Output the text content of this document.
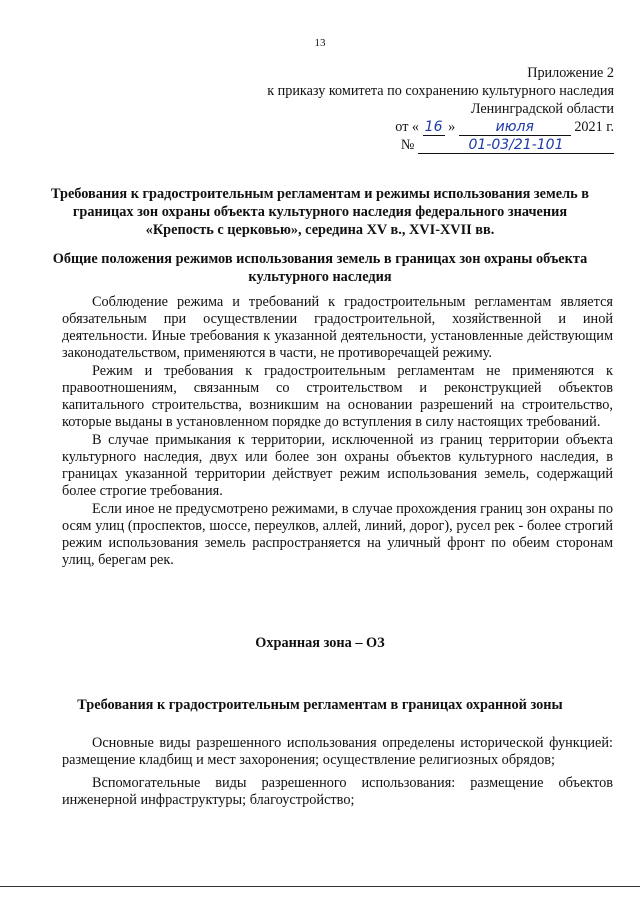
13
Приложение 2
к приказу комитета по сохранению культурного наследия
Ленинградской области
от « 16 »	июля	2021 г.
№	01-03/21-101
Требования к градостроительным регламентам и режимы использования земель в границах зон охраны объекта культурного наследия федерального значения «Крепость с церковью», середина XV в., XVI-XVII вв.
Общие положения режимов использования земель в границах зон охраны объекта культурного наследия

Соблюдение режима и требований к градостроительным регламентам является обязательным при осуществлении градостроительной, хозяйственной и иной деятельности. Иные требования к указанной деятельности, установленные действующим законодательством, применяются в части, не противоречащей режиму.

Режим и требования к градостроительным регламентам не применяются к правоотношениям, связанным со строительством и реконструкцией объектов капитального строительства, возникшим на основании разрешений на строительство, которые выданы в установленном порядке до вступления в силу настоящих требований.

В случае примыкания к территории, исключенной из границ территории объекта культурного наследия, двух или более зон охраны объектов культурного наследия, в границах указанной территории действует режим использования земель, содержащий более строгие требования.

Если иное не предусмотрено режимами, в случае прохождения границ зон охраны по осям улиц (проспектов, шоссе, переулков, аллей, линий, дорог), русел рек - более строгий режим использования земель распространяется на уличный фронт по обеим сторонам улиц, берегам рек.

Охранная зона – ОЗ
Требования к градостроительным регламентам в границах охранной зоны

Основные виды разрешенного использования определены исторической функцией: размещение кладбищ и мест захоронения; осуществление религиозных обрядов;

Вспомогательные виды разрешенного использования: размещение объектов инженерной инфраструктуры; благоустройство;
